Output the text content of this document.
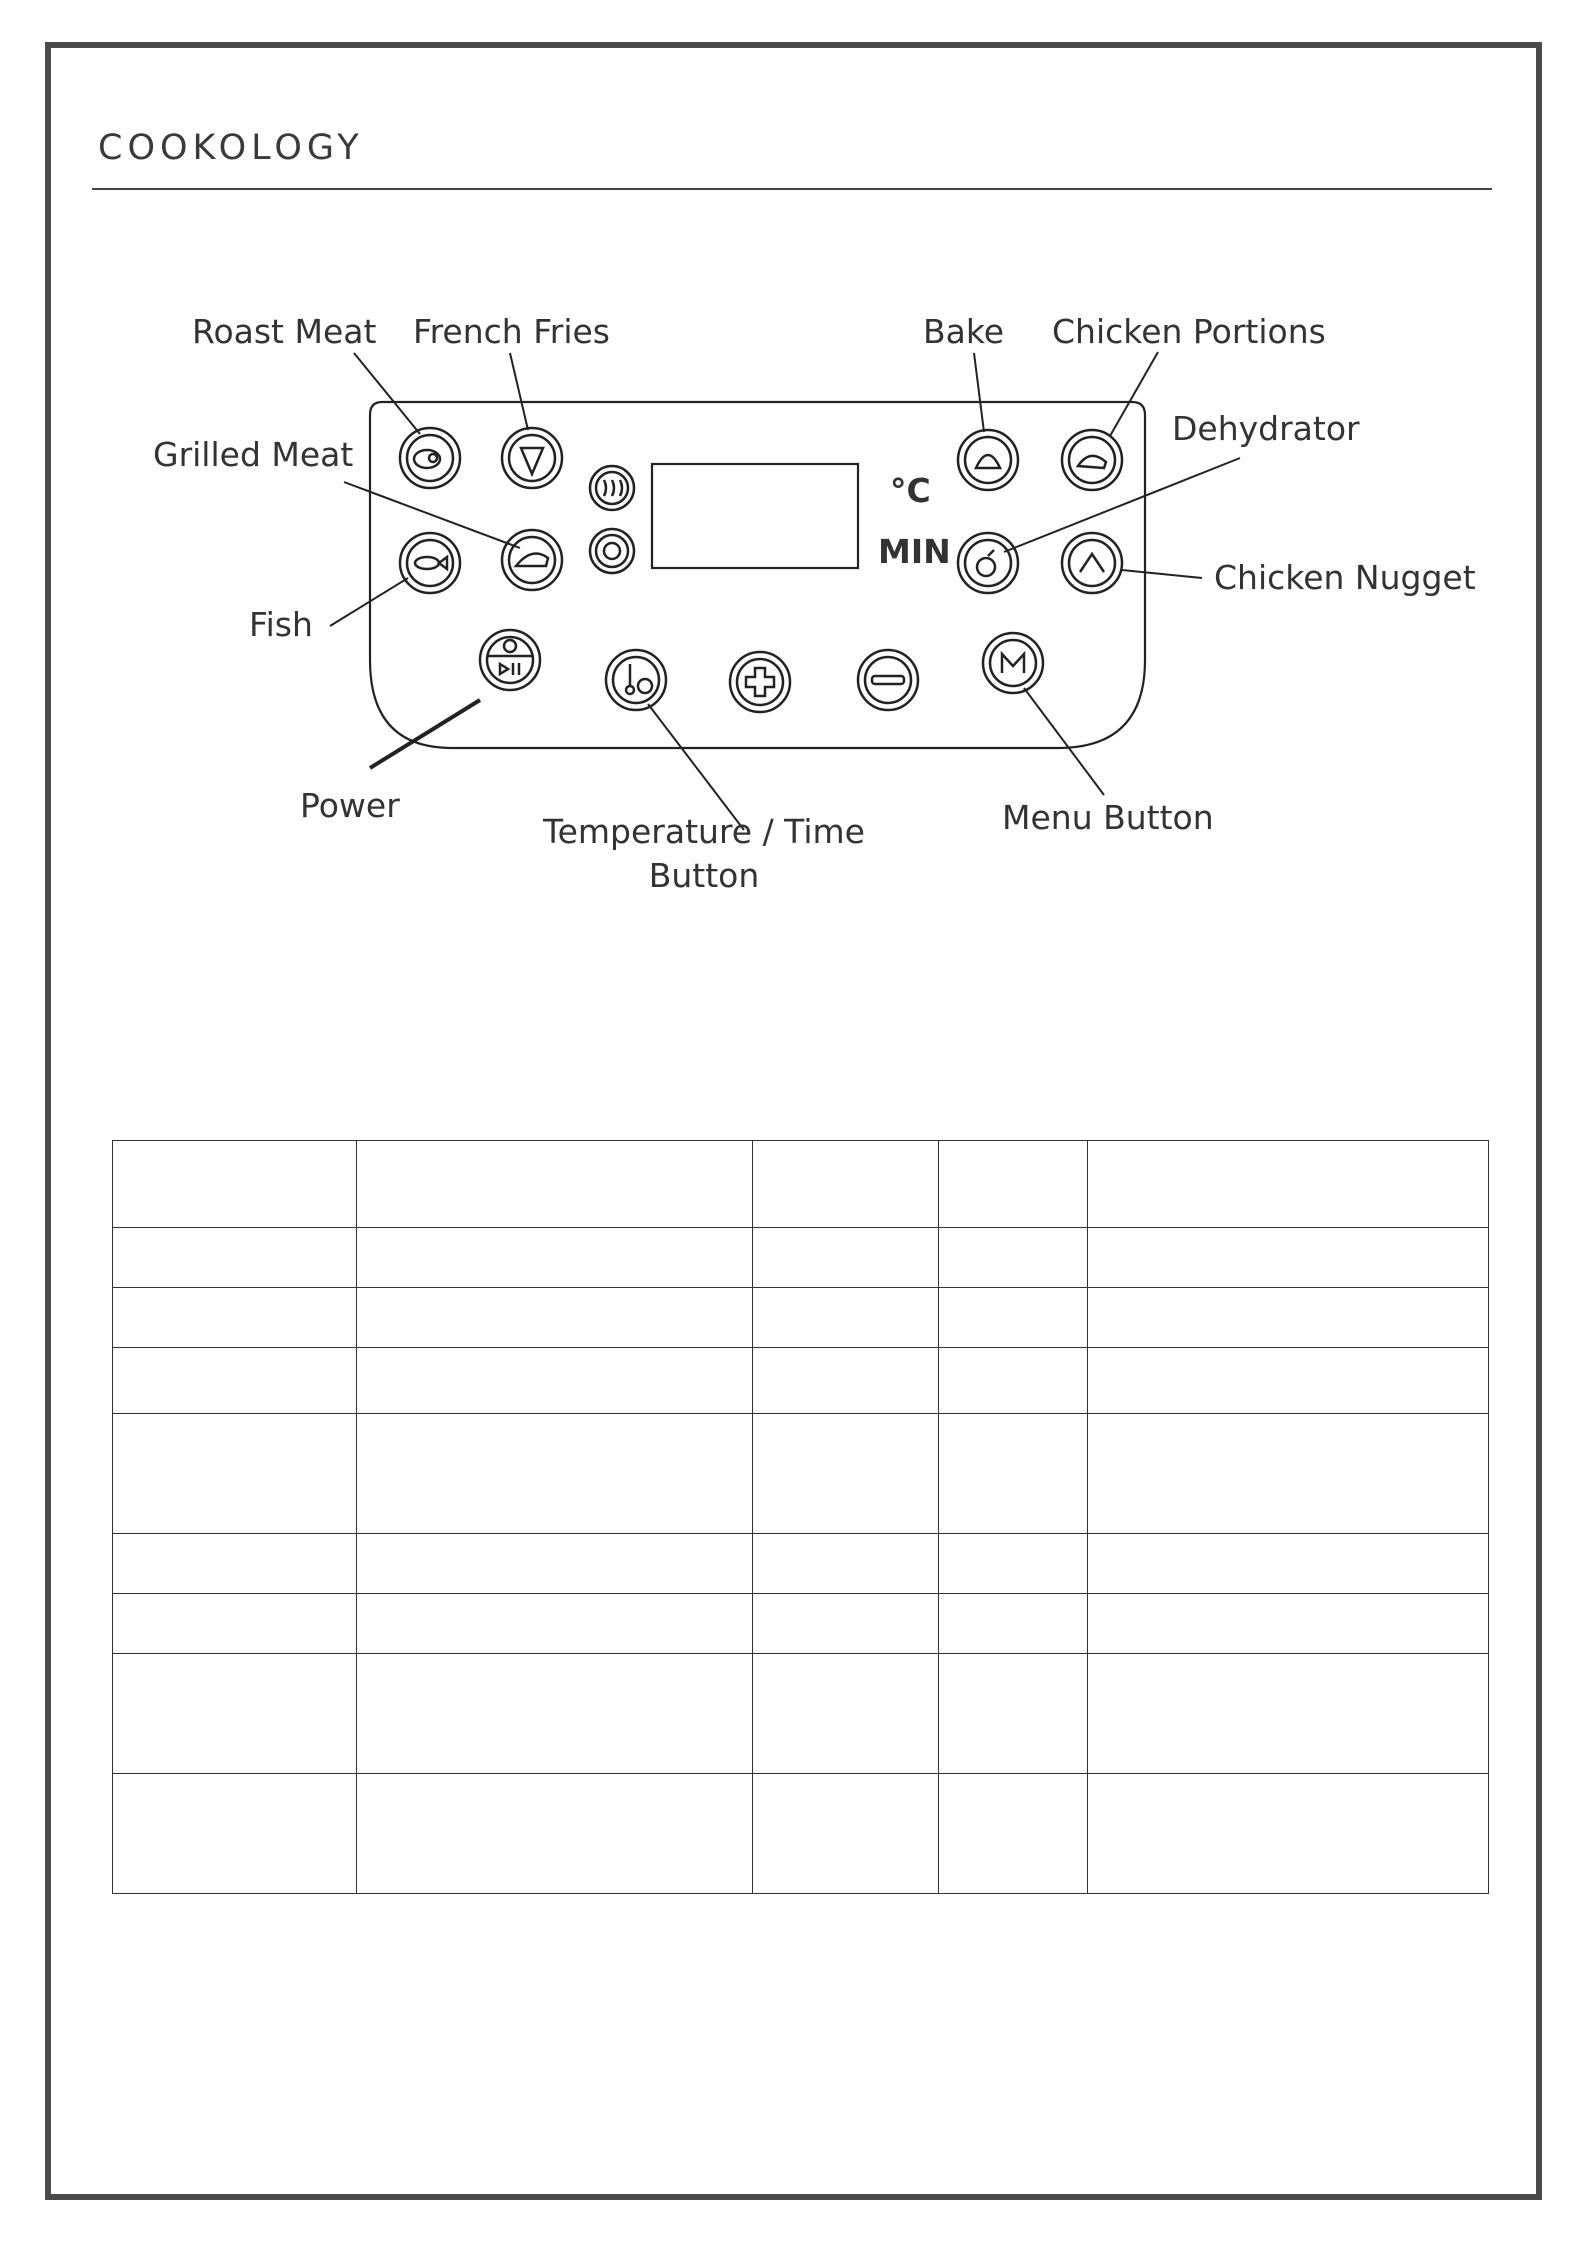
COOKOLOGY
°C
MIN
Roast Meat French Fries	Bake Chicken Portions
Grilled Meat
Dehydrator
Fish
Chicken Nugget
Power
Temperature / Time
Button
Menu Button
